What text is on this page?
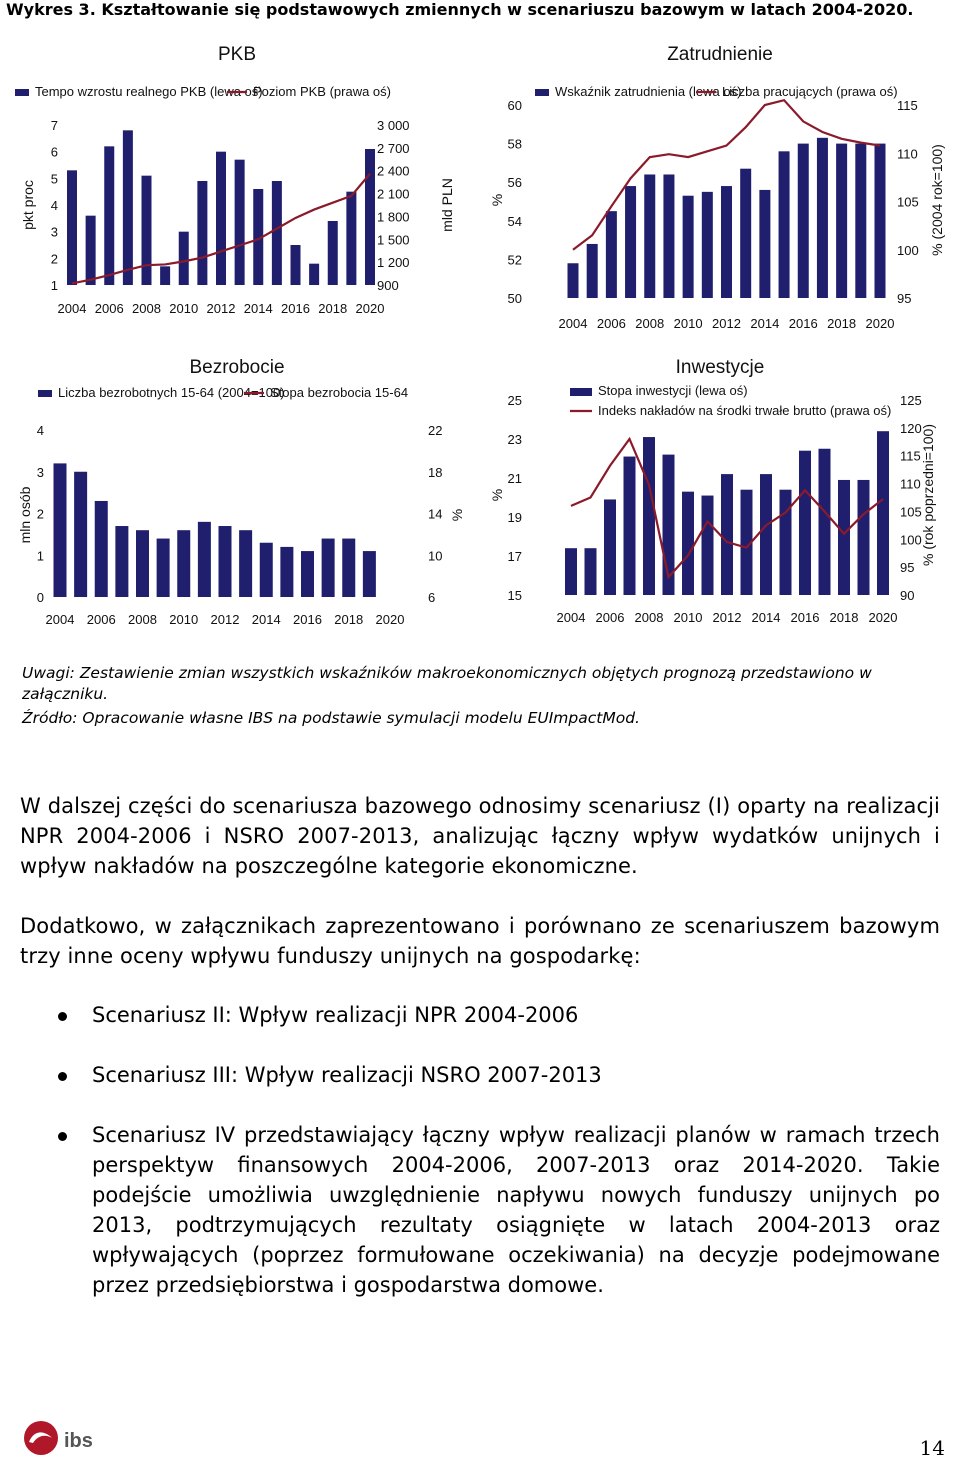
Wykres 3. Kształtowanie się podstawowych zmiennych w scenariuszu bazowym w latach 2004-2020.
PKB
1
2
3
4
5
6
7
900
1 200
1 500
1 800
2 100
2 400
2 700
3 000
pkt proc	mld PLN
2004 2006 2008 2010 2012 2014 2016 2018 2020
Tempo wzrostu realnego PKB (lewa oś)
Poziom PKB (prawa oś)
Zatrudnienie
50
52
54
56
58
60
95
100
105
110
115
%	% (2004 rok=100)
2004 2006 2008 2010 2012 2014 2016 2018 2020
Wskaźnik zatrudnienia (lewa oś)
Liczba pracujących (prawa oś)
Bezrobocie
0
1
2
3
4
6
10
14
18
22
mln osób	%
2004 2006 2008 2010 2012 2014 2016 2018 2020
Liczba bezrobotnych 15-64 (2004=100)
Stopa bezrobocia 15-64
Inwestycje
15
17
19
21
23
25
90
95
100
105
110
115
120
125
%	% (rok poprzedni=100)
2004 2006 2008 2010 2012 2014 2016 2018 2020
Stopa inwestycji (lewa oś)
Indeks nakładów na środki trwałe brutto (prawa oś)
Uwagi: Zestawienie zmian wszystkich wskaźników makroekonomicznych objętych prognozą przedstawiono w załączniku.
Źródło: Opracowanie własne IBS na podstawie symulacji modelu EUImpactMod.
W dalszej części do scenariusza bazowego odnosimy scenariusz (I) oparty na realizacji NPR 2004-2006 i NSRO 2007-2013, analizując łączny wpływ wydatków unijnych i wpływ nakładów na poszczególne kategorie ekonomiczne.
Dodatkowo, w załącznikach zaprezentowano i porównano ze scenariuszem bazowym trzy inne oceny wpływu funduszy unijnych na gospodarkę:
Scenariusz II: Wpływ realizacji NPR 2004-2006
Scenariusz III: Wpływ realizacji NSRO 2007-2013
Scenariusz IV przedstawiający łączny wpływ realizacji planów w ramach trzech perspektyw finansowych 2004-2006, 2007-2013 oraz 2014-2020. Takie podejście umożliwia uwzględnienie napływu nowych funduszy unijnych po 2013, podtrzymujących rezultaty osiągnięte w latach 2004-2013 oraz wpływających (poprzez formułowane oczekiwania) na decyzje podejmowane przez przedsiębiorstwa i gospodarstwa domowe.
ibs	14
